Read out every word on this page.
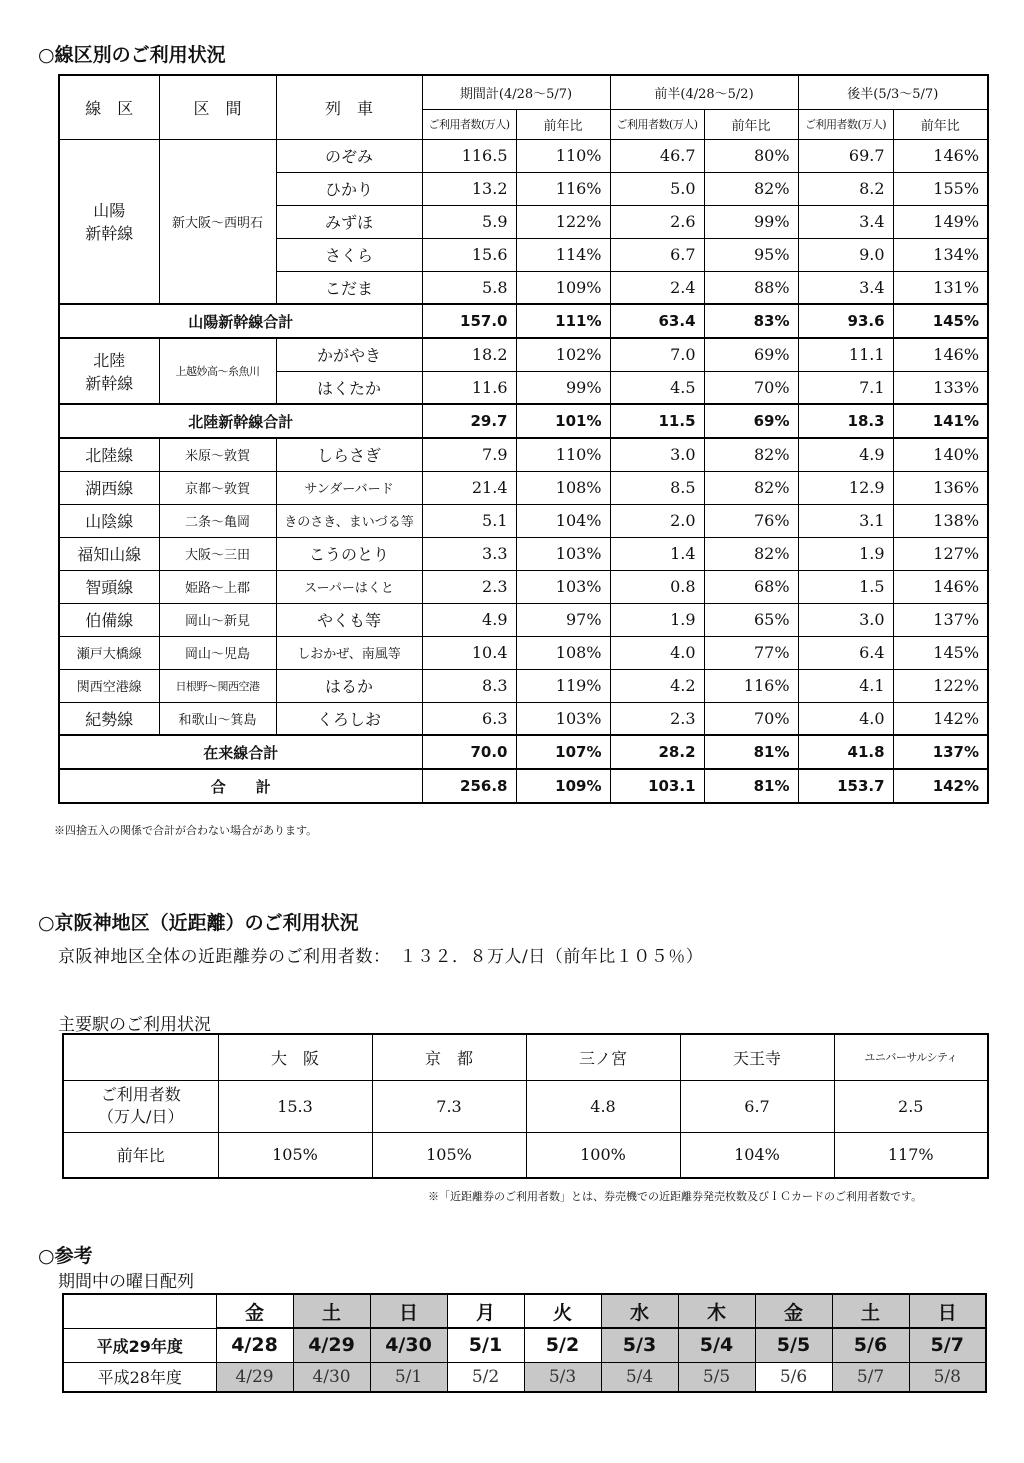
○線区別のご利用状況
線　区	区　間	列　車	期間計(4/28〜5/7)		前半(4/28〜5/2)		後半(5/3〜5/7)	
			ご利用者数(万人)	前年比	ご利用者数(万人)	前年比	ご利用者数(万人)	前年比
山陽
新幹線	新大阪〜西明石	のぞみ	116.5	110%	46.7	80%	69.7	146%
		ひかり	13.2	116%	5.0	82%	8.2	155%
		みずほ	5.9	122%	2.6	99%	3.4	149%
		さくら	15.6	114%	6.7	95%	9.0	134%
		こだま	5.8	109%	2.4	88%	3.4	131%
山陽新幹線合計			157.0	111%	63.4	83%	93.6	145%
北陸
新幹線	上越妙高〜糸魚川	かがやき	18.2	102%	7.0	69%	11.1	146%
		はくたか	11.6	99%	4.5	70%	7.1	133%
北陸新幹線合計			29.7	101%	11.5	69%	18.3	141%
北陸線	米原〜敦賀	しらさぎ	7.9	110%	3.0	82%	4.9	140%
湖西線	京都〜敦賀	サンダーバード	21.4	108%	8.5	82%	12.9	136%
山陰線	二条〜亀岡	きのさき、まいづる等	5.1	104%	2.0	76%	3.1	138%
福知山線	大阪〜三田	こうのとり	3.3	103%	1.4	82%	1.9	127%
智頭線	姫路〜上郡	スーパーはくと	2.3	103%	0.8	68%	1.5	146%
伯備線	岡山〜新見	やくも等	4.9	97%	1.9	65%	3.0	137%
瀬戸大橋線	岡山〜児島	しおかぜ、南風等	10.4	108%	4.0	77%	6.4	145%
関西空港線	日根野〜関西空港	はるか	8.3	119%	4.2	116%	4.1	122%
紀勢線	和歌山〜箕島	くろしお	6.3	103%	2.3	70%	4.0	142%
在来線合計			70.0	107%	28.2	81%	41.8	137%
合　　計			256.8	109%	103.1	81%	153.7	142%
※四捨五入の関係で合計が合わない場合があります。
○京阪神地区（近距離）のご利用状況
京阪神地区全体の近距離券のご利用者数：　１３２．８万人/日（前年比１０５％）
主要駅のご利用状況
	大　阪	京　都	三ノ宮	天王寺	ユニバーサルシティ
ご利用者数
（万人/日）	15.3	7.3	4.8	6.7	2.5
前年比	105%	105%	100%	104%	117%
※「近距離券のご利用者数」とは、券売機での近距離券発売枚数及びＩＣカードのご利用者数です。
○参考
期間中の曜日配列
	金	土	日	月	火	水	木	金	土	日
平成29年度	4/28	4/29	4/30	5/1	5/2	5/3	5/4	5/5	5/6	5/7
平成28年度	4/29	4/30	5/1	5/2	5/3	5/4	5/5	5/6	5/7	5/8
